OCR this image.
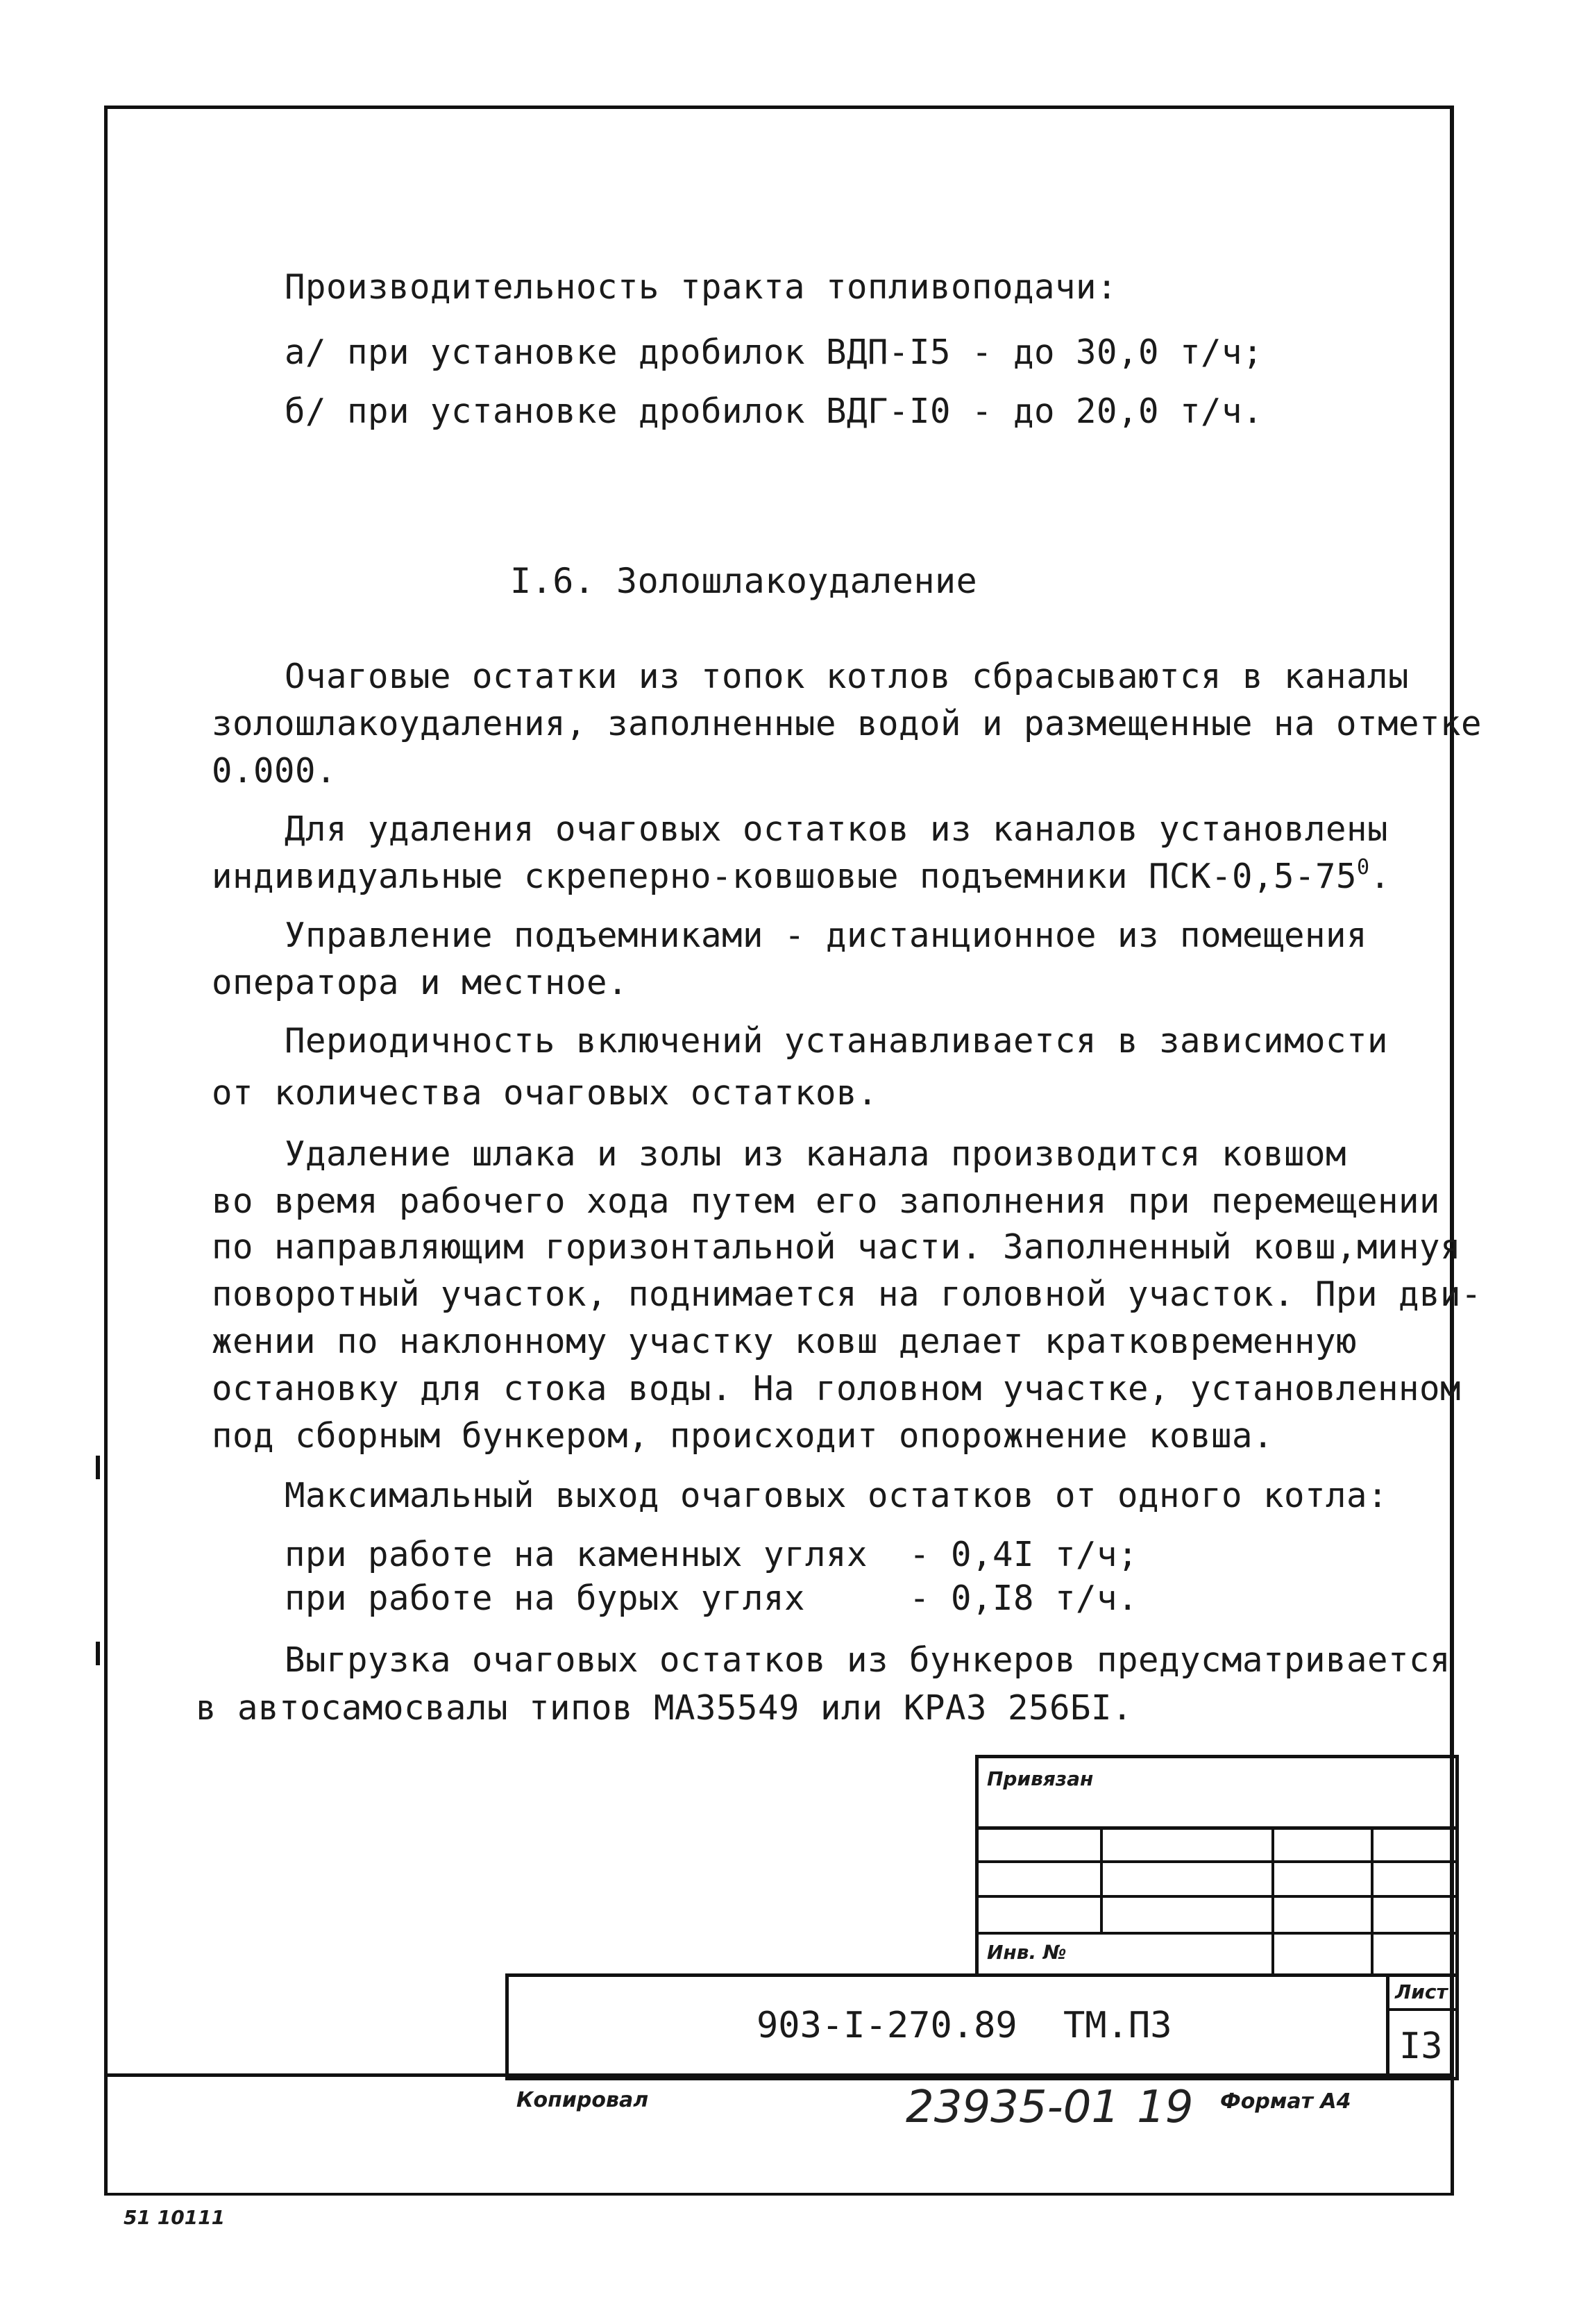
Производительность тракта топливоподачи:
а/ при установке дробилок ВДП-I5 - до 30,0 т/ч;
б/ при установке дробилок ВДГ-I0 - до 20,0 т/ч.
I.6. Золошлакоудаление
Очаговые остатки из топок котлов сбрасываются в каналы
золошлакоудаления, заполненные водой и размещенные на отметке
0.000.
Для удаления очаговых остатков из каналов установлены
индивидуальные скреперно-ковшовые подъемники ПСК-$0,5-75^0$.
Управление подъемниками - дистанционное из помещения
оператора и местное.
Периодичность включений устанавливается в зависимости
от количества очаговых остатков.
Удаление шлака и золы из канала производится ковшом
во время рабочего хода путем его заполнения при перемещении
по направляющим горизонтальной части. Заполненный ковш,минуя
поворотный участок, поднимается на головной участок. При дви-
жении по наклонному участку ковш делает кратковременную
остановку для стока воды. На головном участке, установленном
под сборным бункером, происходит опорожнение ковша.
Максимальный выход очаговых остатков от одного котла:
при работе на каменных углях  - 0,4I т/ч;
при работе на бурых углях     - 0,I8 т/ч.
Выгрузка очаговых остатков из бункеров предусматривается
в автосамосвалы типов МА35549 или КРАЗ 256БI.
Привязан
Инв. №
903-I-270.89 ТМ.ПЗ
Лист
I3
Копировал	23935-01 19 Формат А4
51 10111
